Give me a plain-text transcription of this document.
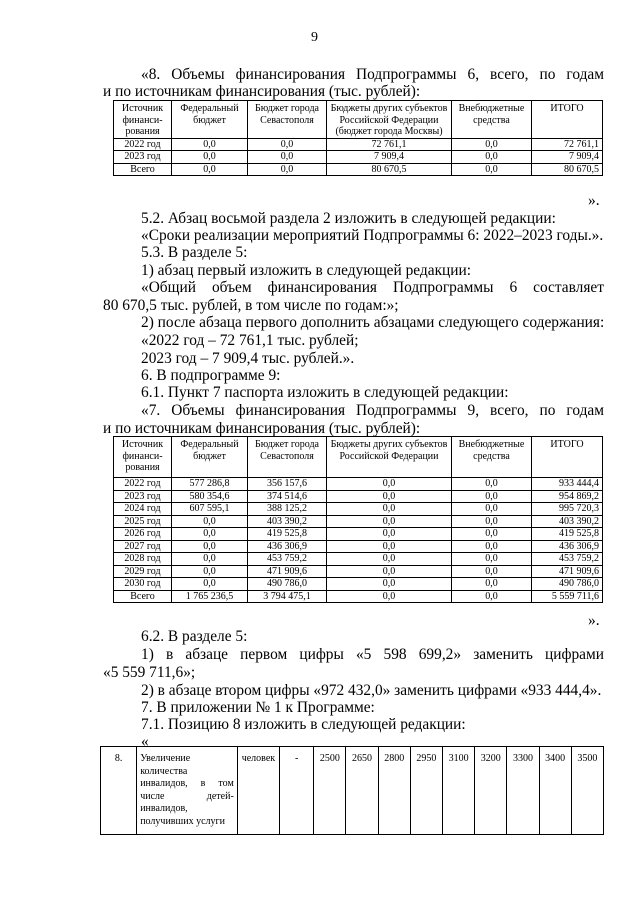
9
«8. Объемы финансирования Подпрограммы 6, всего, по годам
и по источникам финансирования (тыс. рублей):
Источник финанси-рования	Федеральный бюджет	Бюджет города Севастополя	Бюджеты других субъектов Российской Федерации (бюджет города Москвы)	Внебюджетные средства	ИТОГО
2022 год	0,0	0,0	72 761,1	0,0	72 761,1
2023 год	0,0	0,0	7 909,4	0,0	7 909,4
Всего	0,0	0,0	80 670,5	0,0	80 670,5
».
5.2. Абзац восьмой раздела 2 изложить в следующей редакции:
«Сроки реализации мероприятий Подпрограммы 6: 2022–2023 годы.».
5.3. В разделе 5:
1) абзац первый изложить в следующей редакции:
«Общий объем финансирования Подпрограммы 6 составляет
80 670,5 тыс. рублей, в том числе по годам:»;
2) после абзаца первого дополнить абзацами следующего содержания:
«2022 год – 72 761,1 тыс. рублей;
2023 год – 7 909,4 тыс. рублей.».
6. В подпрограмме 9:
6.1. Пункт 7 паспорта изложить в следующей редакции:
«7. Объемы финансирования Подпрограммы 9, всего, по годам
и по источникам финансирования (тыс. рублей):
Источник финанси-рования	Федеральный бюджет	Бюджет города Севастополя	Бюджеты других субъектов Российской Федерации	Внебюджетные средства	ИТОГО
2022 год	577 286,8	356 157,6	0,0	0,0	933 444,4
2023 год	580 354,6	374 514,6	0,0	0,0	954 869,2
2024 год	607 595,1	388 125,2	0,0	0,0	995 720,3
2025 год	0,0	403 390,2	0,0	0,0	403 390,2
2026 год	0,0	419 525,8	0,0	0,0	419 525,8
2027 год	0,0	436 306,9	0,0	0,0	436 306,9
2028 год	0,0	453 759,2	0,0	0,0	453 759,2
2029 год	0,0	471 909,6	0,0	0,0	471 909,6
2030 год	0,0	490 786,0	0,0	0,0	490 786,0
Всего	1 765 236,5	3 794 475,1	0,0	0,0	5 559 711,6
».
6.2. В разделе 5:
1) в абзаце первом цифры «5 598 699,2» заменить цифрами
«5 559 711,6»;
2) в абзаце втором цифры «972 432,0» заменить цифрами «933 444,4».
7. В приложении № 1 к Программе:
7.1. Позицию 8 изложить в следующей редакции:
«
8.	Увеличение количества инвалидов, в том числе детей-инвалидов, получивших услуги	человек	-	2500	2650	2800	2950	3100	3200	3300	3400	3500
